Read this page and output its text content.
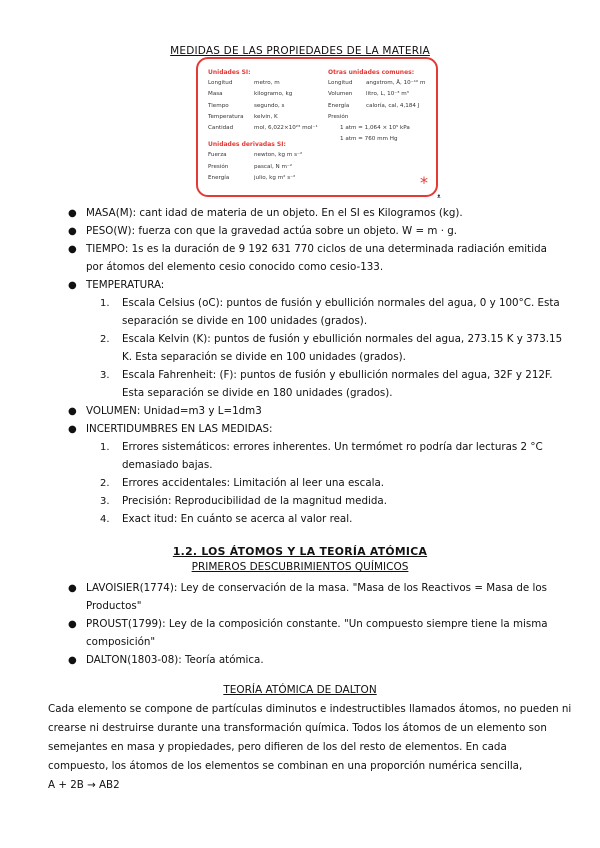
MEDIDAS DE LAS PROPIEDADES DE LA MATERIA
Unidades SI:
Longitud	metro, m
Masa	kilogramo, kg
Tiempo	segundo, s
Temperatura	kelvin, K
Cantidad	mol, 6,022×10²³ mol⁻¹
Unidades derivadas SI:
Fuerza	newton, kg m s⁻²
Presión	pascal, N m⁻²
Energía	julio, kg m² s⁻²
Otras unidades comunes:
Longitud	angstrom, Å, 10⁻¹⁰ m
Volumen	litro, L, 10⁻³ m³
Energía	caloría, cal, 4,184 J
Presión
1 atm = 1,064 × 10⁵ kPa
1 atm = 760 mm Hg
*
ᴥ
● MASA(M): cant idad de materia de un objeto. En el SI es Kilogramos (kg).
● PESO(W): fuerza con que la gravedad actúa sobre un objeto. W = m · g.
● TIEMPO: 1s es la duración de 9 192 631 770 ciclos de una determinada radiación emitida
por átomos del elemento cesio conocido como cesio-133.
● TEMPERATURA:
1. Escala Celsius (oC): puntos de fusión y ebullición normales del agua, 0 y 100°C. Esta
separación se divide en 100 unidades (grados).
2. Escala Kelvin (K): puntos de fusión y ebullición normales del agua, 273.15 K y 373.15
K. Esta separación se divide en 100 unidades (grados).
3. Escala Fahrenheit: (F): puntos de fusión y ebullición normales del agua, 32F y 212F.
Esta separación se divide en 180 unidades (grados).
● VOLUMEN: Unidad=m3 y L=1dm3
● INCERTIDUMBRES EN LAS MEDIDAS:
1. Errores sistemáticos: errores inherentes. Un termómet ro podría dar lecturas 2 °C
demasiado bajas.
2. Errores accidentales: Limitación al leer una escala.
3. Precisión: Reproducibilidad de la magnitud medida.
4. Exact itud: En cuánto se acerca al valor real.
1.2. LOS ÁTOMOS Y LA TEORÍA ATÓMICA
PRIMEROS DESCUBRIMIENTOS QUÍMICOS
● LAVOISIER(1774): Ley de conservación de la masa. "Masa de los Reactivos = Masa de los
Productos"
● PROUST(1799): Ley de la composición constante. "Un compuesto siempre tiene la misma
composición"
● DALTON(1803-08): Teoría atómica.
TEORÍA ATÓMICA DE DALTON
Cada elemento se compone de partículas diminutos e indestructibles llamados átomos, no pueden ni
crearse ni destruirse durante una transformación química. Todos los átomos de un elemento son
semejantes en masa y propiedades, pero difieren de los del resto de elementos. En cada
compuesto, los átomos de los elementos se combinan en una proporción numérica sencilla,
A + 2B → AB2
